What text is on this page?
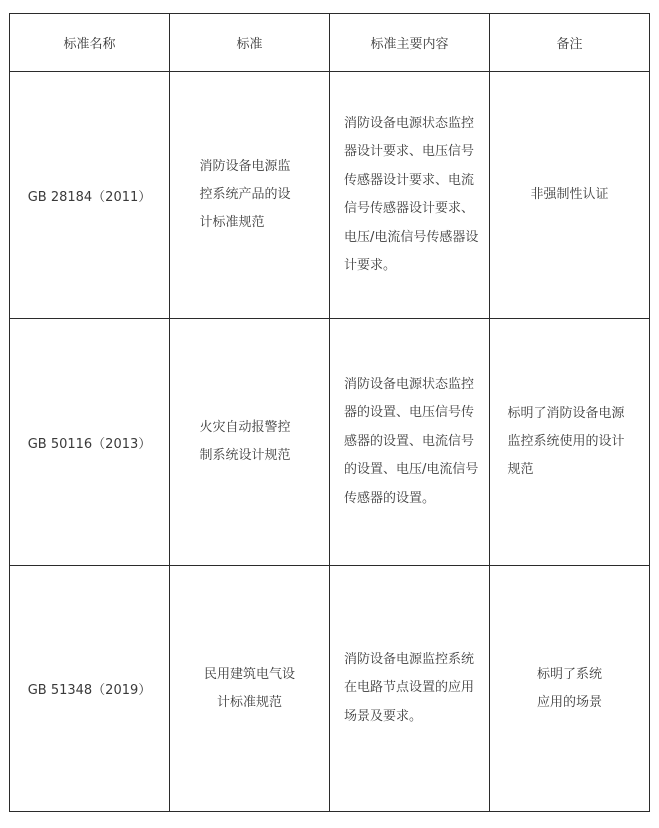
标准名称	标准	标准主要内容	备注
GB 28184（2011）	消防设备电源监控系统产品的设计标准规范	消防设备电源状态监控器设计要求、电压信号传感器设计要求、电流信号传感器设计要求、电压/电流信号传感器设计要求。	非强制性认证

GB 50116（2013）	火灾自动报警控制系统设计规范	消防设备电源状态监控器的设置、电压信号传感器的设置、电流信号的设置、电压/电流信号传感器的设置。	标明了消防设备电源监控系统使用的设计规范
GB 51348（2019）	民用建筑电气设计标准规范	消防设备电源监控系统在电路节点设置的应用场景及要求。	标明了系统应用的场景
